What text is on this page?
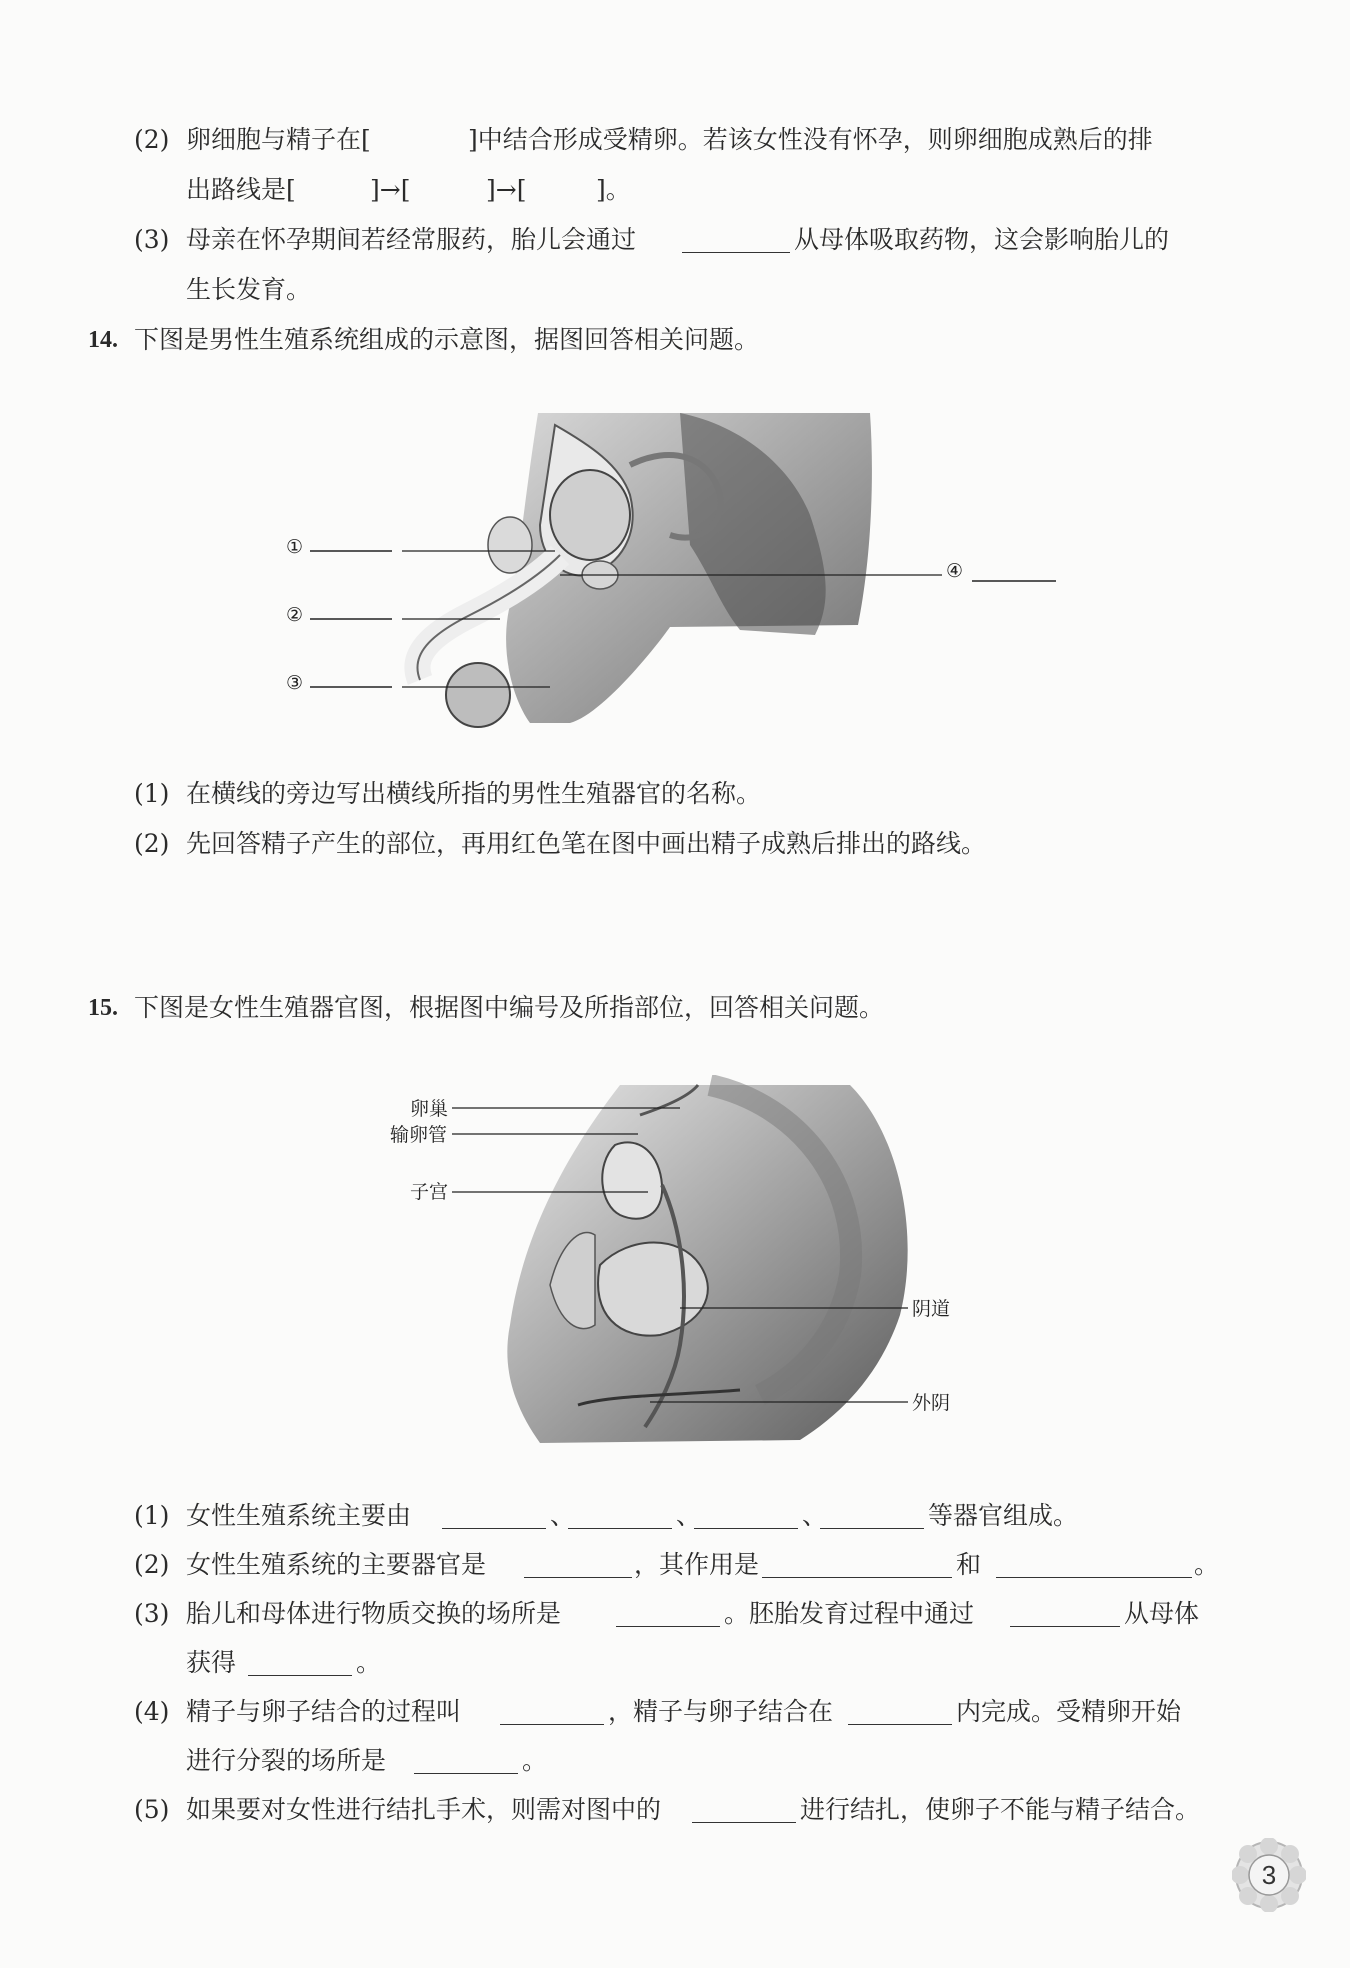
(2) 卵细胞与精子在[	]中结合形成受精卵。若该女性没有怀孕，则卵细胞成熟后的排
出路线是[	]→[	]→[	]。
(3) 母亲在怀孕期间若经常服药，胎儿会通过	从母体吸取药物，这会影响胎儿的
生长发育。
14. 下图是男性生殖系统组成的示意图，据图回答相关问题。
①
②
③
④
(1) 在横线的旁边写出横线所指的男性生殖器官的名称。
(2) 先回答精子产生的部位，再用红色笔在图中画出精子成熟后排出的路线。
15. 下图是女性生殖器官图，根据图中编号及所指部位，回答相关问题。
卵巢
输卵管
子宫
阴道
外阴
(1) 女性生殖系统主要由	、	、	、	等器官组成。
(2) 女性生殖系统的主要器官是	，其作用是	和	。
(3) 胎儿和母体进行物质交换的场所是	。胚胎发育过程中通过	从母体
获得	。
(4) 精子与卵子结合的过程叫	，精子与卵子结合在	内完成。受精卵开始
进行分裂的场所是	。
(5) 如果要对女性进行结扎手术，则需对图中的	进行结扎，使卵子不能与精子结合。
3
